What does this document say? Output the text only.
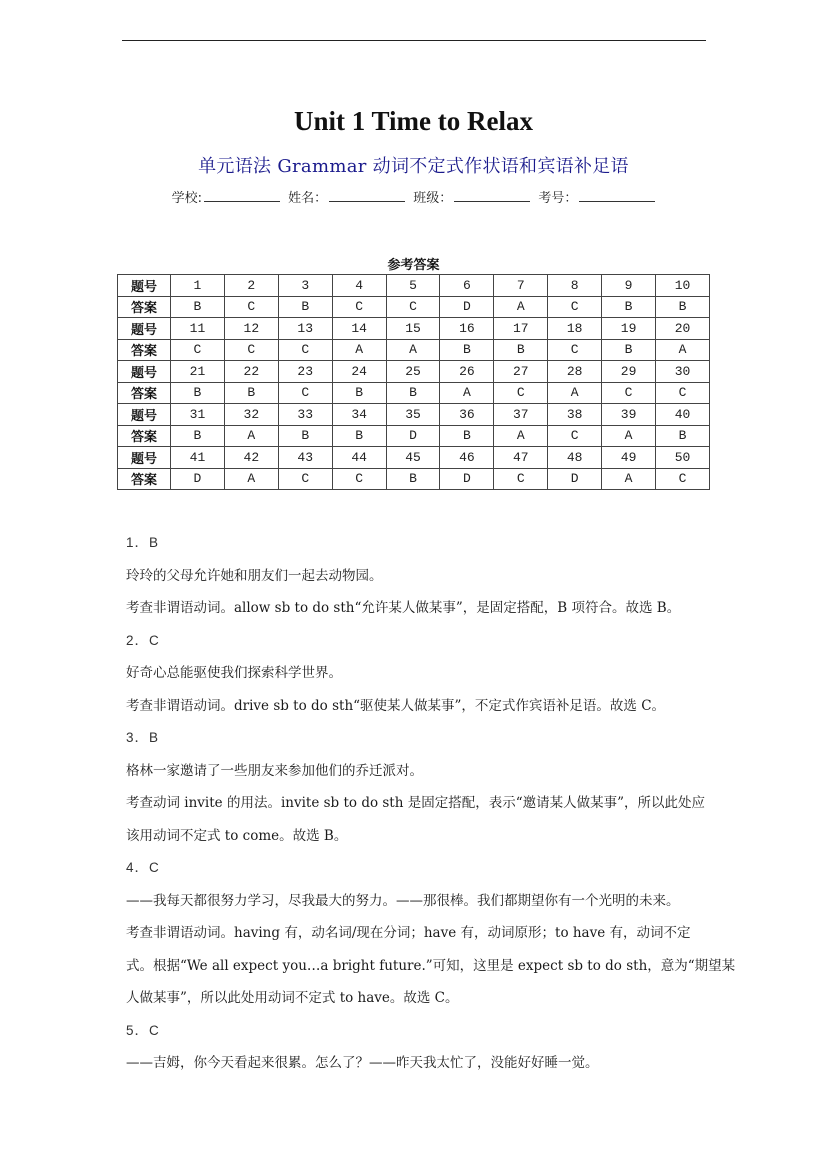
Unit 1 Time to Relax
单元语法 Grammar 动词不定式作状语和宾语补足语
学校:	姓名：	班级：	考号：
参考答案
题号	1	2	3	4	5	6	7	8	9	10
答案	B	C	B	C	C	D	A	C	B	B
题号	11	12	13	14	15	16	17	18	19	20
答案	C	C	C	A	A	B	B	C	B	A
题号	21	22	23	24	25	26	27	28	29	30
答案	B	B	C	B	B	A	C	A	C	C
题号	31	32	33	34	35	36	37	38	39	40
答案	B	A	B	B	D	B	A	C	A	B
题号	41	42	43	44	45	46	47	48	49	50
答案	D	A	C	C	B	D	C	D	A	C

1．B

玲玲的父母允许她和朋友们一起去动物园。

考查非谓语动词。allow sb to do sth“允许某人做某事”，是固定搭配，B 项符合。故选 B。

2．C

好奇心总能驱使我们探索科学世界。

考查非谓语动词。drive sb to do sth“驱使某人做某事”，不定式作宾语补足语。故选 C。

3．B

格林一家邀请了一些朋友来参加他们的乔迁派对。

考查动词 invite 的用法。invite sb to do sth 是固定搭配，表示“邀请某人做某事”，所以此处应

该用动词不定式 to come。故选 B。

4．C

——我每天都很努力学习，尽我最大的努力。——那很棒。我们都期望你有一个光明的未来。

考查非谓语动词。having 有，动名词/现在分词；have 有，动词原形；to have 有，动词不定

式。根据“We all expect you…a bright future.”可知，这里是 expect sb to do sth，意为“期望某

人做某事”，所以此处用动词不定式 to have。故选 C。

5．C

——吉姆，你今天看起来很累。怎么了？——昨天我太忙了，没能好好睡一觉。
